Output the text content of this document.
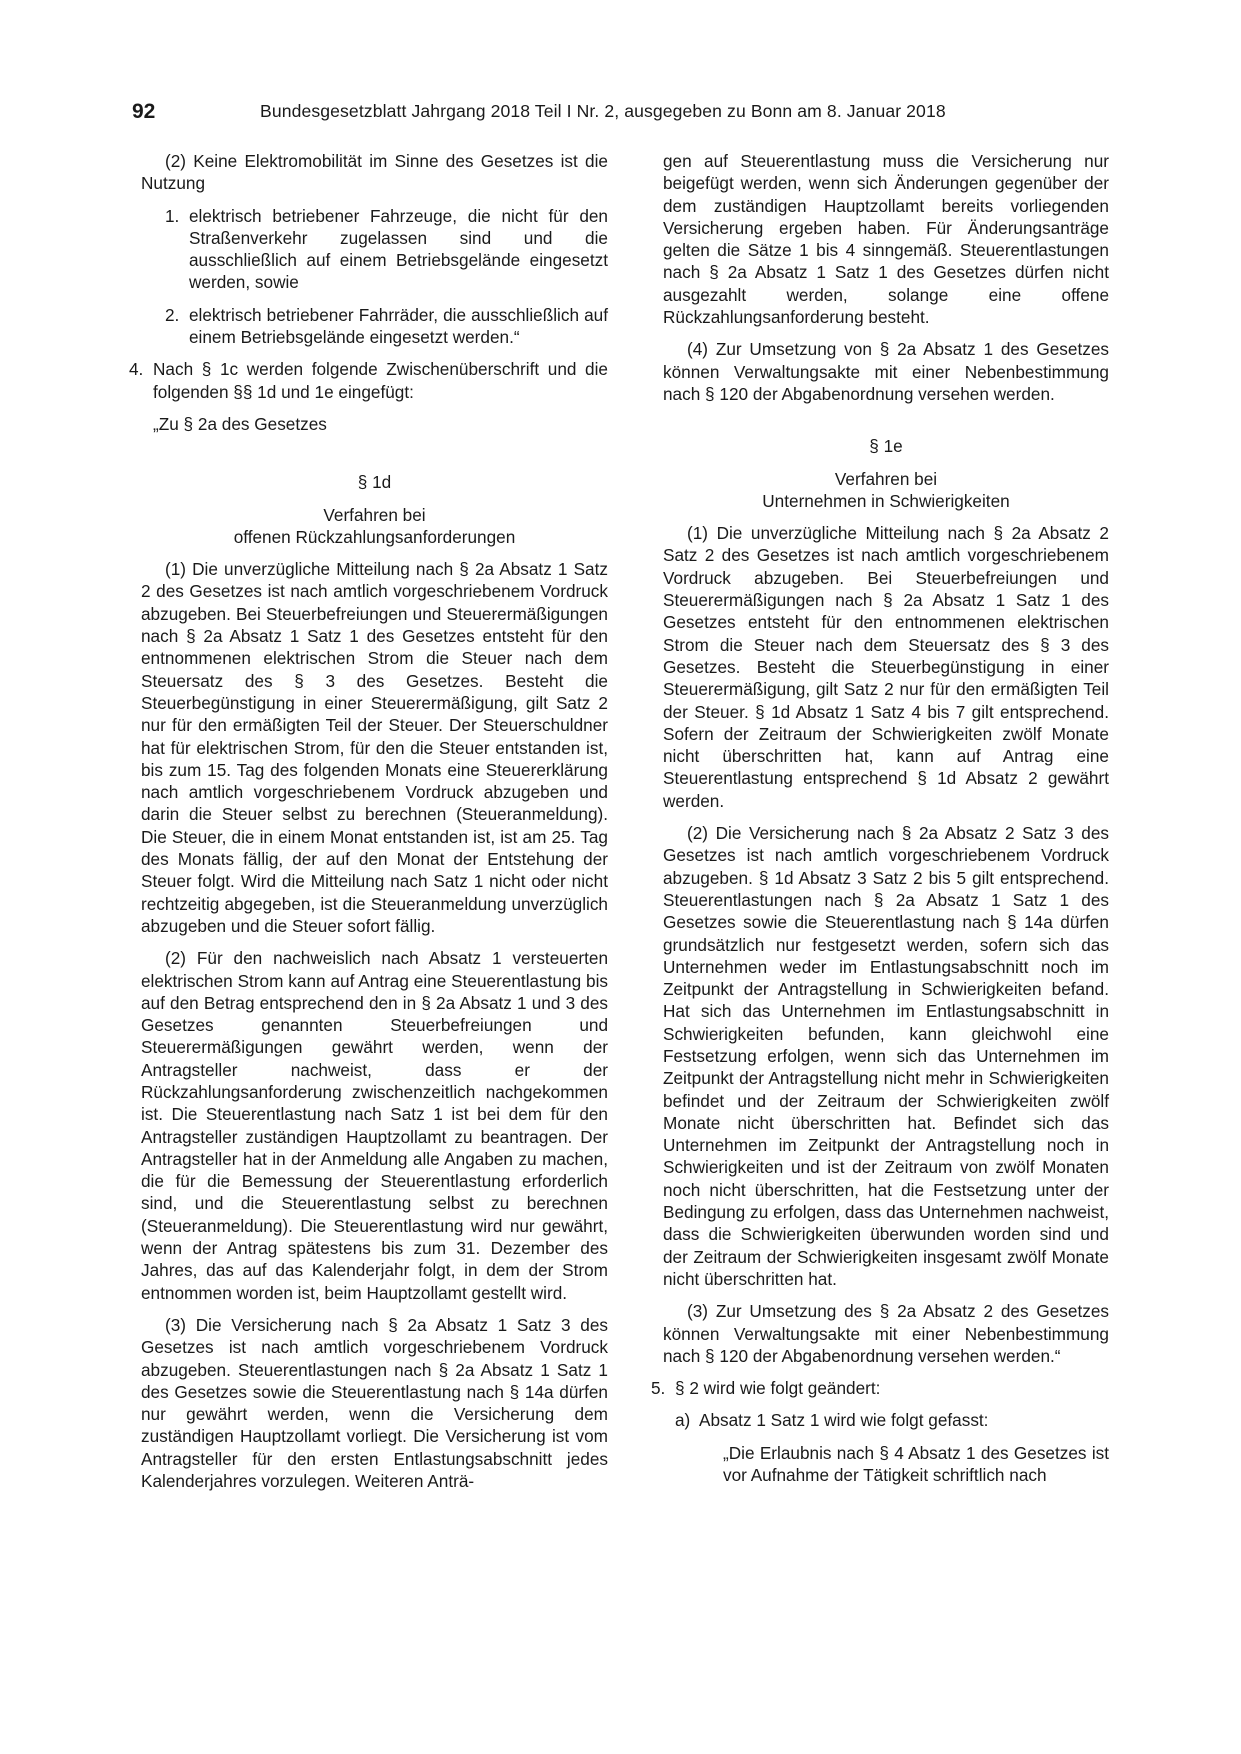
92	Bundesgesetzblatt Jahrgang 2018 Teil I Nr. 2, ausgegeben zu Bonn am 8. Januar 2018

(2) Keine Elektromobilität im Sinne des Gesetzes ist die Nutzung

1. elektrisch betriebener Fahrzeuge, die nicht für den Straßenverkehr zugelassen sind und die ausschließlich auf einem Betriebsgelände eingesetzt werden, sowie

2. elektrisch betriebener Fahrräder, die ausschließlich auf einem Betriebsgelände eingesetzt werden.“

4. Nach § 1c werden folgende Zwischenüberschrift und die folgenden §§ 1d und 1e eingefügt:

„Zu § 2a des Gesetzes

§ 1d
Verfahren bei
offenen Rückzahlungsanforderungen

(1) Die unverzügliche Mitteilung nach § 2a Absatz 1 Satz 2 des Gesetzes ist nach amtlich vorgeschriebenem Vordruck abzugeben. Bei Steuerbefreiungen und Steuerermäßigungen nach § 2a Absatz 1 Satz 1 des Gesetzes entsteht für den entnommenen elektrischen Strom die Steuer nach dem Steuersatz des § 3 des Gesetzes. Besteht die Steuerbegünstigung in einer Steuerermäßigung, gilt Satz 2 nur für den ermäßigten Teil der Steuer. Der Steuerschuldner hat für elektrischen Strom, für den die Steuer entstanden ist, bis zum 15. Tag des folgenden Monats eine Steuererklärung nach amtlich vorgeschriebenem Vordruck abzugeben und darin die Steuer selbst zu berechnen (Steueranmeldung). Die Steuer, die in einem Monat entstanden ist, ist am 25. Tag des Monats fällig, der auf den Monat der Entstehung der Steuer folgt. Wird die Mitteilung nach Satz 1 nicht oder nicht rechtzeitig abgegeben, ist die Steueranmeldung unverzüglich abzugeben und die Steuer sofort fällig.

(2) Für den nachweislich nach Absatz 1 versteuerten elektrischen Strom kann auf Antrag eine Steuerentlastung bis auf den Betrag entsprechend den in § 2a Absatz 1 und 3 des Gesetzes genannten Steuerbefreiungen und Steuerermäßigungen gewährt werden, wenn der Antragsteller nachweist, dass er der Rückzahlungsanforderung zwischenzeitlich nachgekommen ist. Die Steuerentlastung nach Satz 1 ist bei dem für den Antragsteller zuständigen Hauptzollamt zu beantragen. Der Antragsteller hat in der Anmeldung alle Angaben zu machen, die für die Bemessung der Steuerentlastung erforderlich sind, und die Steuerentlastung selbst zu berechnen (Steueranmeldung). Die Steuerentlastung wird nur gewährt, wenn der Antrag spätestens bis zum 31. Dezember des Jahres, das auf das Kalenderjahr folgt, in dem der Strom entnommen worden ist, beim Hauptzollamt gestellt wird.

(3) Die Versicherung nach § 2a Absatz 1 Satz 3 des Gesetzes ist nach amtlich vorgeschriebenem Vordruck abzugeben. Steuerentlastungen nach § 2a Absatz 1 Satz 1 des Gesetzes sowie die Steuerentlastung nach § 14a dürfen nur gewährt werden, wenn die Versicherung dem zuständigen Hauptzollamt vorliegt. Die Versicherung ist vom Antragsteller für den ersten Entlastungsabschnitt jedes Kalenderjahres vorzulegen. Weiteren Anträ-

gen auf Steuerentlastung muss die Versicherung nur beigefügt werden, wenn sich Änderungen gegenüber der dem zuständigen Hauptzollamt bereits vorliegenden Versicherung ergeben haben. Für Änderungsanträge gelten die Sätze 1 bis 4 sinngemäß. Steuerentlastungen nach § 2a Absatz 1 Satz 1 des Gesetzes dürfen nicht ausgezahlt werden, solange eine offene Rückzahlungsanforderung besteht.

(4) Zur Umsetzung von § 2a Absatz 1 des Gesetzes können Verwaltungsakte mit einer Nebenbestimmung nach § 120 der Abgabenordnung versehen werden.

§ 1e
Verfahren bei
Unternehmen in Schwierigkeiten

(1) Die unverzügliche Mitteilung nach § 2a Absatz 2 Satz 2 des Gesetzes ist nach amtlich vorgeschriebenem Vordruck abzugeben. Bei Steuerbefreiungen und Steuerermäßigungen nach § 2a Absatz 1 Satz 1 des Gesetzes entsteht für den entnommenen elektrischen Strom die Steuer nach dem Steuersatz des § 3 des Gesetzes. Besteht die Steuerbegünstigung in einer Steuerermäßigung, gilt Satz 2 nur für den ermäßigten Teil der Steuer. § 1d Absatz 1 Satz 4 bis 7 gilt entsprechend. Sofern der Zeitraum der Schwierigkeiten zwölf Monate nicht überschritten hat, kann auf Antrag eine Steuerentlastung entsprechend § 1d Absatz 2 gewährt werden.

(2) Die Versicherung nach § 2a Absatz 2 Satz 3 des Gesetzes ist nach amtlich vorgeschriebenem Vordruck abzugeben. § 1d Absatz 3 Satz 2 bis 5 gilt entsprechend. Steuerentlastungen nach § 2a Absatz 1 Satz 1 des Gesetzes sowie die Steuerentlastung nach § 14a dürfen grundsätzlich nur festgesetzt werden, sofern sich das Unternehmen weder im Entlastungsabschnitt noch im Zeitpunkt der Antragstellung in Schwierigkeiten befand. Hat sich das Unternehmen im Entlastungsabschnitt in Schwierigkeiten befunden, kann gleichwohl eine Festsetzung erfolgen, wenn sich das Unternehmen im Zeitpunkt der Antragstellung nicht mehr in Schwierigkeiten befindet und der Zeitraum der Schwierigkeiten zwölf Monate nicht überschritten hat. Befindet sich das Unternehmen im Zeitpunkt der Antragstellung noch in Schwierigkeiten und ist der Zeitraum von zwölf Monaten noch nicht überschritten, hat die Festsetzung unter der Bedingung zu erfolgen, dass das Unternehmen nachweist, dass die Schwierigkeiten überwunden worden sind und der Zeitraum der Schwierigkeiten insgesamt zwölf Monate nicht überschritten hat.

(3) Zur Umsetzung des § 2a Absatz 2 des Gesetzes können Verwaltungsakte mit einer Nebenbestimmung nach § 120 der Abgabenordnung versehen werden.“

5. § 2 wird wie folgt geändert:

a) Absatz 1 Satz 1 wird wie folgt gefasst:

„Die Erlaubnis nach § 4 Absatz 1 des Gesetzes ist vor Aufnahme der Tätigkeit schriftlich nach
